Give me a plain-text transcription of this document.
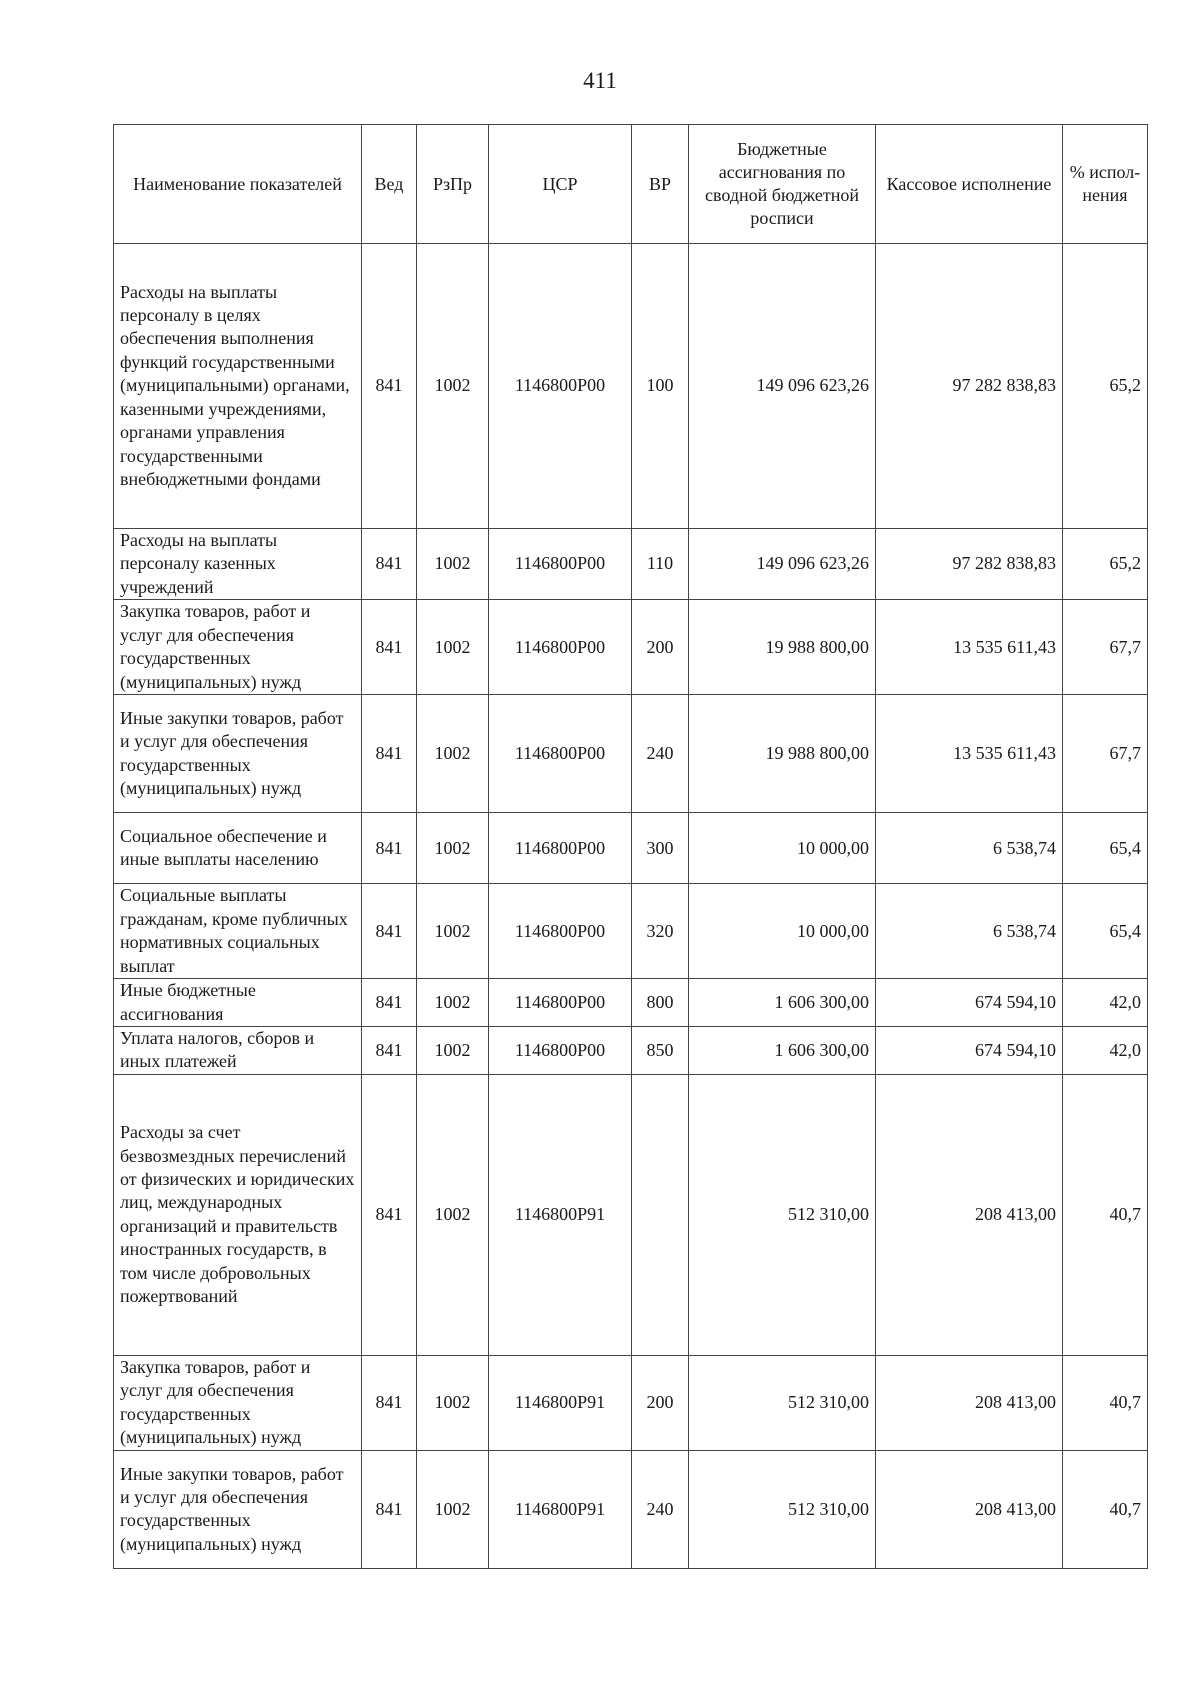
411
Наименование показателей	Вед	РзПр	ЦСР	ВР	Бюджетные ассигнования по сводной бюджетной росписи	Кассовое исполнение	% испол-нения
Расходы на выплаты персоналу в целях обеспечения выполнения функций государственными (муниципальными) органами, казенными учреждениями, органами управления государственными внебюджетными фондами	841	1002	1146800Р00	100	149 096 623,26	97 282 838,83	65,2
Расходы на выплаты персоналу казенных учреждений	841	1002	1146800Р00	110	149 096 623,26	97 282 838,83	65,2
Закупка товаров, работ и услуг для обеспечения государственных (муниципальных) нужд	841	1002	1146800Р00	200	19 988 800,00	13 535 611,43	67,7
Иные закупки товаров, работ и услуг для обеспечения государственных (муниципальных) нужд	841	1002	1146800Р00	240	19 988 800,00	13 535 611,43	67,7
Социальное обеспечение и иные выплаты населению	841	1002	1146800Р00	300	10 000,00	6 538,74	65,4
Социальные выплаты гражданам, кроме публичных нормативных социальных выплат	841	1002	1146800Р00	320	10 000,00	6 538,74	65,4
Иные бюджетные ассигнования	841	1002	1146800Р00	800	1 606 300,00	674 594,10	42,0
Уплата налогов, сборов и иных платежей	841	1002	1146800Р00	850	1 606 300,00	674 594,10	42,0
Расходы за счет безвозмездных перечислений от физических и юридических лиц, международных организаций и правительств иностранных государств, в том числе добровольных пожертвований	841	1002	1146800Р91		512 310,00	208 413,00	40,7
Закупка товаров, работ и услуг для обеспечения государственных (муниципальных) нужд	841	1002	1146800Р91	200	512 310,00	208 413,00	40,7
Иные закупки товаров, работ и услуг для обеспечения государственных (муниципальных) нужд	841	1002	1146800Р91	240	512 310,00	208 413,00	40,7
